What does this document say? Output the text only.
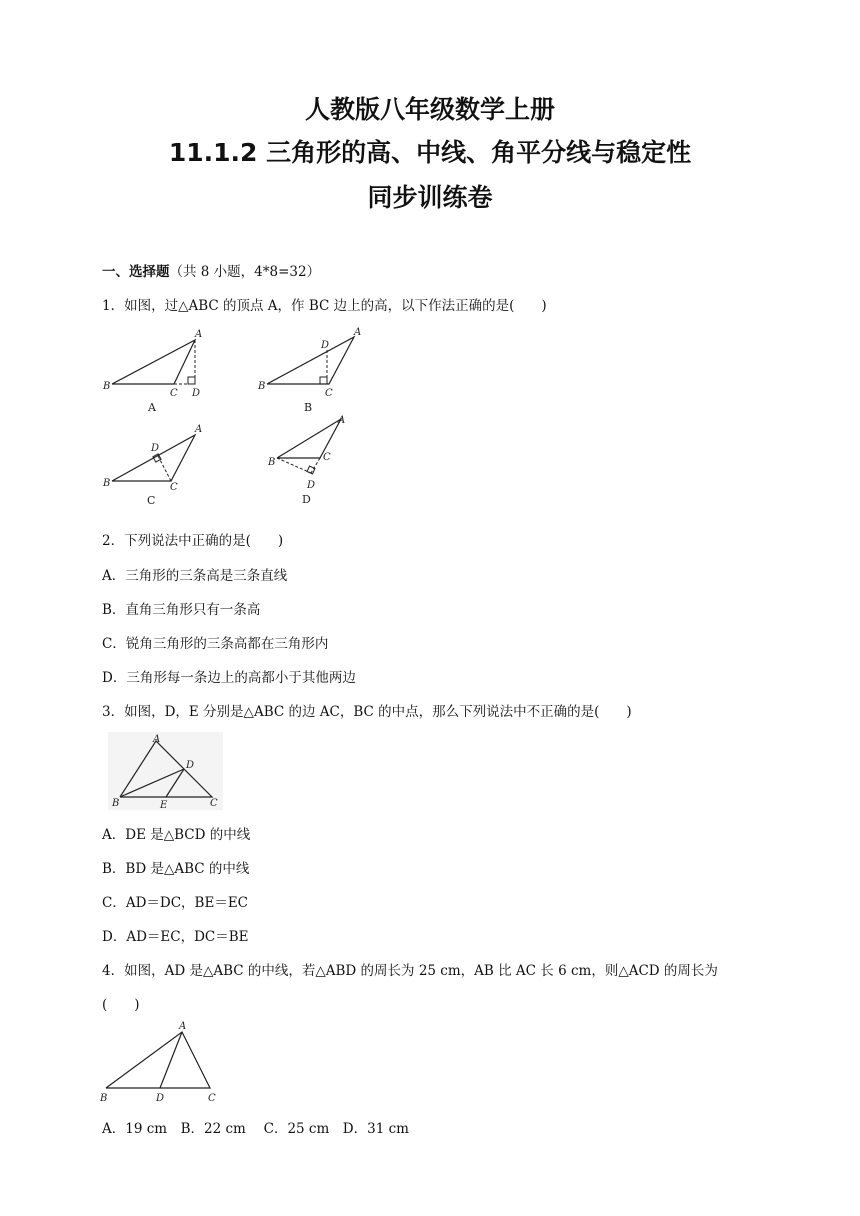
人教版八年级数学上册
11.1.2 三角形的高、中线、角平分线与稳定性
同步训练卷
一、选择题（共 8 小题，4*8=32）
1．如图，过△ABC 的顶点 A，作 BC 边上的高，以下作法正确的是(　　)
A
B
C D
A
A
B
C
D
B
A
B	C
D
C
A
B	C
D
D
2．下列说法中正确的是(　　)
A．三角形的三条高是三条直线
B．直角三角形只有一条高
C．锐角三角形的三条高都在三角形内
D．三角形每一条边上的高都小于其他两边
3．如图，D，E 分别是△ABC 的边 AC，BC 的中点，那么下列说法中不正确的是(　　)
A
B	C
D
E
A．DE 是△BCD 的中线
B．BD 是△ABC 的中线
C．AD＝DC，BE＝EC
D．AD＝EC，DC＝BE
4．如图，AD 是△ABC 的中线，若△ABD 的周长为 25 cm，AB 比 AC 长 6 cm，则△ACD 的周长为
(　　)
A
B	C
D
A．19 cm　B．22 cm　 C．25 cm　D．31 cm
